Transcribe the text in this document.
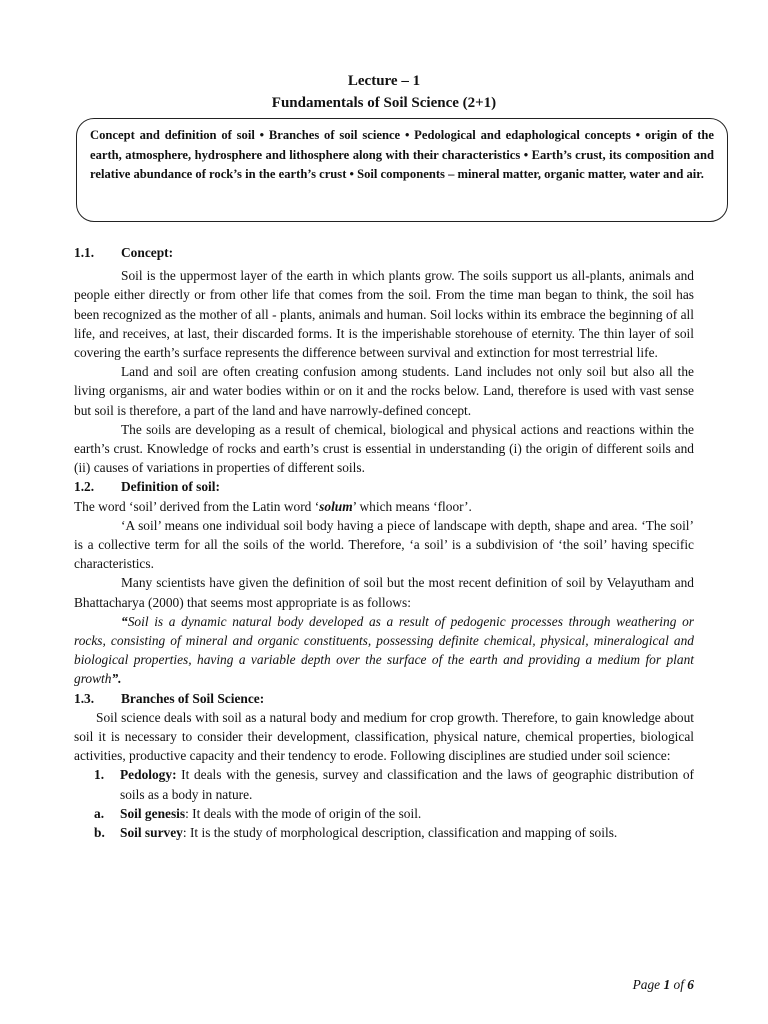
Lecture – 1
Fundamentals of Soil Science (2+1)
Concept and definition of soil • Branches of soil science • Pedological and edaphological concepts • origin of the earth, atmosphere, hydrosphere and lithosphere along with their characteristics • Earth’s crust, its composition and relative abundance of rock’s in the earth’s crust • Soil components – mineral matter, organic matter, water and air.
1.1.	Concept:

Soil is the uppermost layer of the earth in which plants grow. The soils support us all-plants, animals and people either directly or from other life that comes from the soil. From the time man began to think, the soil has been recognized as the mother of all - plants, animals and human. Soil locks within its embrace the beginning of all life, and receives, at last, their discarded forms. It is the imperishable storehouse of eternity. The thin layer of soil covering the earth’s surface represents the difference between survival and extinction for most terrestrial life.

Land and soil are often creating confusion among students. Land includes not only soil but also all the living organisms, air and water bodies within or on it and the rocks below. Land, therefore is used with vast sense but soil is therefore, a part of the land and have narrowly-defined concept.

The soils are developing as a result of chemical, biological and physical actions and reactions within the earth’s crust. Knowledge of rocks and earth’s crust is essential in understanding (i) the origin of different soils and (ii) causes of variations in properties of different soils.

1.2.	Definition of soil:

The word ‘soil’ derived from the Latin word ‘solum’ which means ‘floor’.

‘A soil’ means one individual soil body having a piece of landscape with depth, shape and area. ‘The soil’ is a collective term for all the soils of the world. Therefore, ‘a soil’ is a subdivision of ‘the soil’ having specific characteristics.

Many scientists have given the definition of soil but the most recent definition of soil by Velayutham and Bhattacharya (2000) that seems most appropriate is as follows:

“Soil is a dynamic natural body developed as a result of pedogenic processes through weathering or rocks, consisting of mineral and organic constituents, possessing definite chemical, physical, mineralogical and biological properties, having a variable depth over the surface of the earth and providing a medium for plant growth”.

1.3.	Branches of Soil Science:

Soil science deals with soil as a natural body and medium for crop growth. Therefore, to gain knowledge about soil it is necessary to consider their development, classification, physical nature, chemical properties, biological activities, productive capacity and their tendency to erode. Following disciplines are studied under soil science:

1.	Pedology: It deals with the genesis, survey and classification and the laws of geographic distribution of soils as a body in nature.
a.	Soil genesis: It deals with the mode of origin of the soil.
b.	Soil survey: It is the study of morphological description, classification and mapping of soils.
Page 1 of 6
